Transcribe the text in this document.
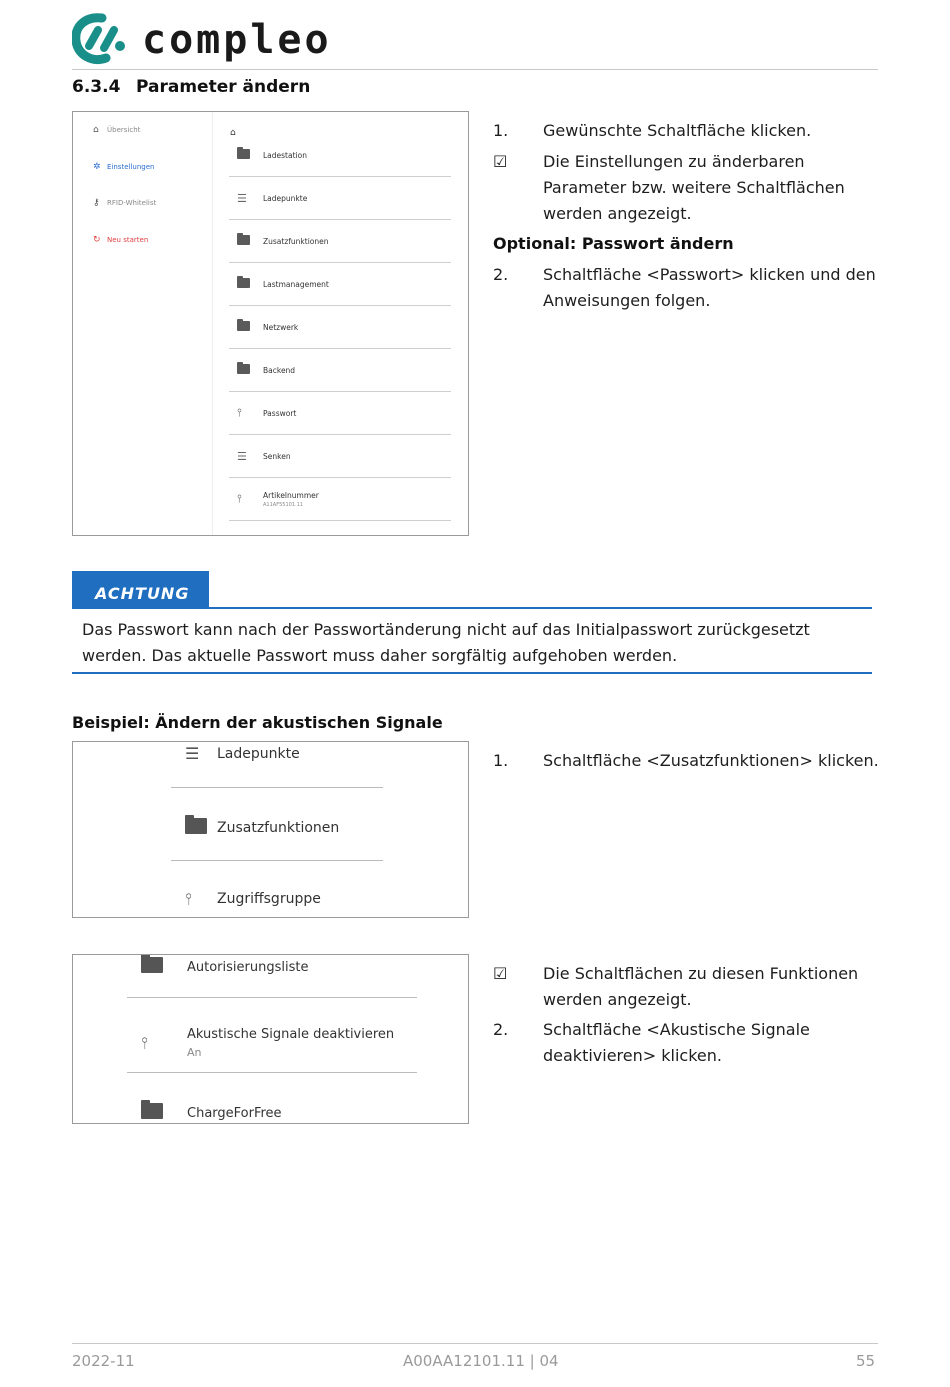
compleo
6.3.4 Parameter ändern
⌂	Übersicht
✲ Einstellungen
⚷	RFID-Whitelist
↻ Neu starten
⌂
Ladestation
☰	Ladepunkte
Zusatzfunktionen
Lastmanagement
Netzwerk
Backend
⫯	Passwort
☰	Senken
⫯	Artikelnummer
A11AF55101.11
1. Gewünschte Schaltfläche klicken.
☑ Die Einstellungen zu änderbaren Parameter bzw. weitere Schaltflächen werden angezeigt.
Optional: Passwort ändern
2. Schaltfläche <Passwort> klicken und den Anweisungen folgen.
ACHTUNG
Das Passwort kann nach der Passwortänderung nicht auf das Initialpasswort zurückgesetzt werden. Das aktuelle Passwort muss daher sorgfältig aufgehoben werden.
Beispiel: Ändern der akustischen Signale
☰	Ladepunkte
Zusatzfunktionen
⫯	Zugriffsgruppe
1. Schaltfläche <Zusatzfunktionen> klicken.
Autorisierungsliste
⫯	Akustische Signale deaktivieren
An
ChargeForFree
☑ Die Schaltflächen zu diesen Funktionen werden angezeigt.
2. Schaltfläche <Akustische Signale deaktivieren> klicken.
2022-11	A00AA12101.11 | 04	55
